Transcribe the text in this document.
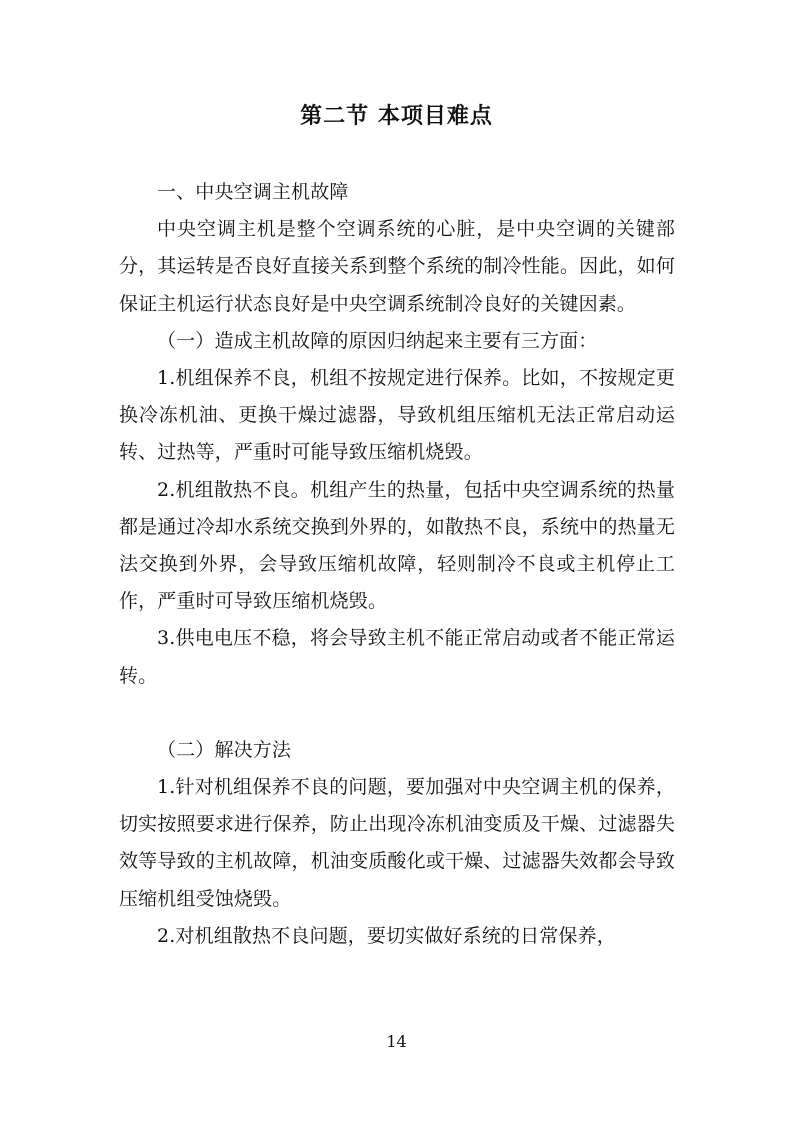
第二节 本项目难点

一、中央空调主机故障

中央空调主机是整个空调系统的心脏，是中央空调的关键部分，其运转是否良好直接关系到整个系统的制冷性能。因此，如何保证主机运行状态良好是中央空调系统制冷良好的关键因素。

（一）造成主机故障的原因归纳起来主要有三方面：

1.机组保养不良，机组不按规定进行保养。比如，不按规定更换冷冻机油、更换干燥过滤器，导致机组压缩机无法正常启动运转、过热等，严重时可能导致压缩机烧毁。

2.机组散热不良。机组产生的热量，包括中央空调系统的热量都是通过冷却水系统交换到外界的，如散热不良，系统中的热量无法交换到外界，会导致压缩机故障，轻则制冷不良或主机停止工作，严重时可导致压缩机烧毁。

3.供电电压不稳，将会导致主机不能正常启动或者不能正常运转。

（二）解决方法

1.针对机组保养不良的问题，要加强对中央空调主机的保养，切实按照要求进行保养，防止出现冷冻机油变质及干燥、过滤器失效等导致的主机故障，机油变质酸化或干燥、过滤器失效都会导致压缩机组受蚀烧毁。

2.对机组散热不良问题，要切实做好系统的日常保养，

14
